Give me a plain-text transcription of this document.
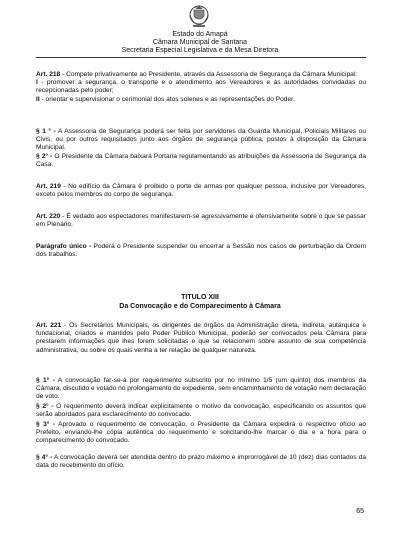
Estado do Amapá
Câmara Municipal de Santana
Secretaria Especial Legislativa e da Mesa Diretora
Art. 218 - Compete privativamente ao Presidente, através da Assessoria de Segurança da Câmara Municipal:
I - promover a segurança, o transporte e o atendimento aos Vereadores e às autoridades convidadas ou recepcionadas pelo poder;
II - orientar e supervisionar o cerimonial dos atos solenes e as representações do Poder.
§ 1 ° - A Assessoria de Segurança poderá ser feita por servidores da Guarda Municipal, Policiais Militares ou Civis, ou por outros requisitados junto aos órgãos de segurança pública, postos à disposição da Câmara Municipal.
§ 2° - O Presidente da Câmara baixará Portaria regulamentando as atribuições da Assessoria de Segurança da Casa.
Art. 219 - No edifício da Câmara é proibido o porte de armas por qualquer pessoa, inclusive por Vereadores, exceto pelos membros do corpo de segurança.
Art. 220 - É vedado aos espectadores manifestarem-se agressivamente e ofensivamente sobre o que se passar em Plenário.
Parágrafo único - Poderá o Presidente suspender ou encerrar a Sessão nos casos de perturbação da Ordem dos trabalhos.
TITULO XIII
Da Convocação e do Comparecimento à Câmara
Art. 221 - Os Secretários Municipais, os dirigentes de órgãos da Administração direta, indireta, autárquica e fundacional, criados e mantidos pelo Poder Público Municipal, poderão ser convocados pela Câmara para prestarem informações que lhes forem solicitadas e que se relacionem sobre assunto de sua competência administrativa, ou sobre os quais venha a ter relação de qualquer natureza.
§ 1° - A convocação far-se-á por requerimento subscrito por no mínimo 1/5 (um quinto) dos membros da Câmara, discutido e votado no prolongamento do expediente, sem encaminhamento de votação nem declaração de voto.
§ 2° - O requerimento deverá indicar explicitamente o motivo da convocação, especificando os assuntos que serão abordados para esclarecimento do convocado.
§ 3° - Aprovado o requerimento de convocação, o Presidente da Câmara expedirá o respectivo ofício ao Prefeito, enviando-lhe cópia autêntica do requerimento e solicitando-lhe marcar o dia e a hora para o comparecimento do convocado.
§ 4° - A convocação deverá ser atendida dentro do prazo máximo e improrrogável de 10 (dez) dias contados da data do recebimento do ofício.
65
